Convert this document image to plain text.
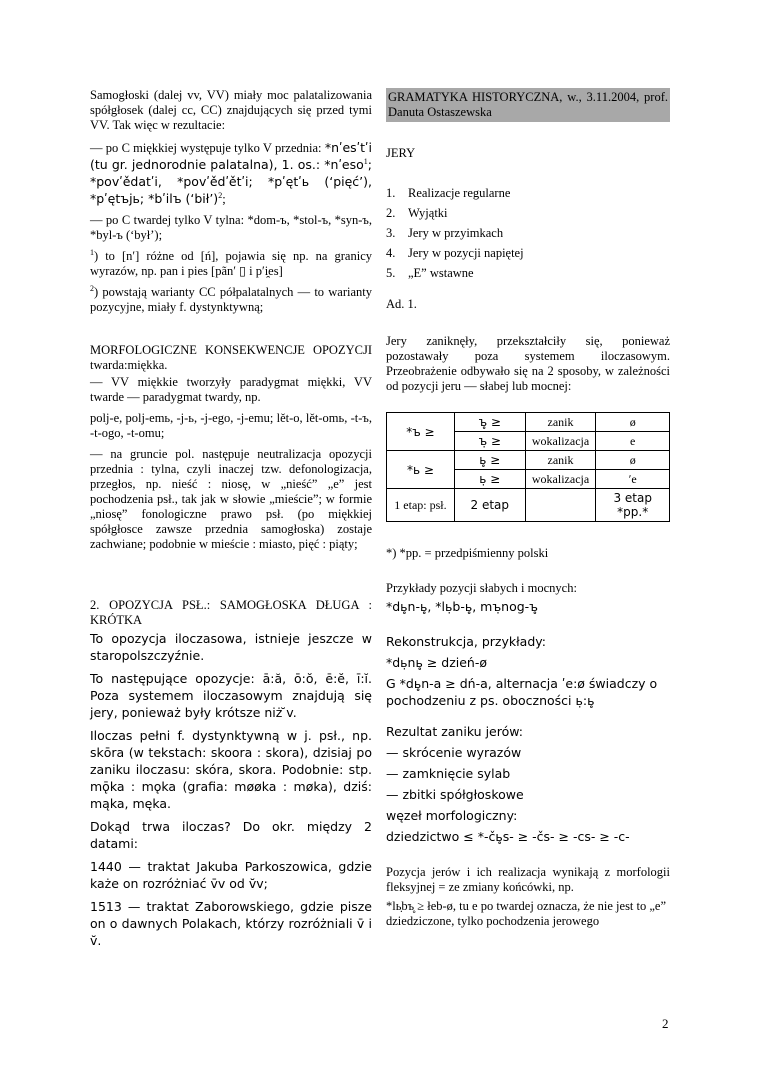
Samogłoski (dalej vv, VV) miały moc palatalizowania spółgłosek (dalej cc, CC) znajdujących się przed tymi VV. Tak więc w rezultacie:

— po C miękkiej występuje tylko V przednia: *nʹesʹtʹi (tu gr. jednorodnie palatalna), 1. os.: *nʹeso$^1$; *povʹědatʹi, *povʹědʹětʹi; *pʹętʹь (‘pięć’), *pʹętъjь; *bʹilъ (‘bił’)$^2$;

— po C twardej tylko V tylna: *dom-ъ, *stol-ъ, *syn-ъ, *byl-ъ (‘był’);

$^1$) to [nʹ] różne od [ń], pojawia się np. na granicy wyrazów, np. pan i pies [pãnʹ ▯ i pʹi̯es]

$^2$) powstają warianty CC półpalatalnych — to warianty pozycyjne, miały f. dystynktywną;

MORFOLOGICZNE KONSEKWENCJE OPOZYCJI twarda:miękka.

— VV miękkie tworzyły paradygmat miękki, VV twarde — paradygmat twardy, np.

polj-e, polj-emь, -j-ь, -j-ego, -j-emu; lět-o, lět-omь, -t-ъ, -t-ogo, -t-omu;

— na gruncie pol. następuje neutralizacja opozycji przednia : tylna, czyli inaczej tzw. defonologizacja, przegłos, np. nieść : niosę, w „nieść” „e” jest pochodzenia psł., tak jak w słowie „mieście”; w formie „niosę” fonologiczne prawo psł. (po miękkiej spółgłosce zawsze przednia samogłoska) zostaje zachwiane; podobnie w mieście : miasto, pięć : piąty;

2. OPOZYCJA PSŁ.: SAMOGŁOSKA DŁUGA : KRÓTKA

To opozycja iloczasowa, istnieje jeszcze w staropolszczyźnie.

To następujące opozycje: ā:ă, ō:ŏ, ē:ĕ, ī:ĭ. Poza systemem iloczasowym znajdują się jery, ponieważ były krótsze niż ̆v.

Iloczas pełni f. dystynktywną w j. psł., np. skōra (w tekstach: skoora : skora), dzisiaj po zaniku iloczasu: skóra, skora. Podobnie: stp. mǭka : mǫka (grafia: møøka : møka), dziś: mąka, męka.

Dokąd trwa iloczas? Do okr. między 2 datami:

1440 — traktat Jakuba Parkoszowica, gdzie każe on rozróżniać v̄v od v̆v;

1513 — traktat Zaborowskiego, gdzie pisze on o dawnych Polakach, którzy rozróżniali v̄ i v̆.

GRAMATYKA HISTORYCZNA, w., 3.11.2004, prof. Danuta Ostaszewska

JERY

1. Realizacje regularne
2. Wyjątki
3. Jery w przyimkach
4. Jery w pozycji napiętej
5. „E” wstawne

Ad. 1.

Jery zaniknęły, przekształciły się, ponieważ pozostawały poza systemem iloczasowym. Przeobrażenie odbywało się na 2 sposoby, w zależności od pozycji jeru — słabej lub mocnej:

*ъ ≥	ъ̥ ≥	zanik	ø
	ъ̣ ≥	wokalizacja	e
*ь ≥	ь̥ ≥	zanik	ø
	ь̣ ≥	wokalizacja	ʹe
1 etap: psł.	2 etap		3 etap *pp.*

*) *pp. = przedpiśmienny polski

Przykłady pozycji słabych i mocnych:

*dь̥n-ь̥, *lь̣b-ь̥, mъ̣nog-ъ̥

Rekonstrukcja, przykłady:

*dь̣nь̥ ≥ dzień-ø

G *dь̥n-a ≥ dń-a, alternacja ʹe:ø świadczy o pochodzeniu z ps. oboczności ь̣:ь̥

Rezultat zaniku jerów:

— skrócenie wyrazów

— zamknięcie sylab

— zbitki spółgłoskowe

węzeł morfologiczny:

dziedzictwo ≤ *-čь̥s- ≥ -čs- ≥ -cs- ≥ -c-

Pozycja jerów i ich realizacja wynikają z morfologii fleksyjnej = ze zmiany końcówki, np.

*lь̣bъ̥ ≥ łeb-ø, tu e po twardej oznacza, że nie jest to „e” dziedziczone, tylko pochodzenia jerowego

2
